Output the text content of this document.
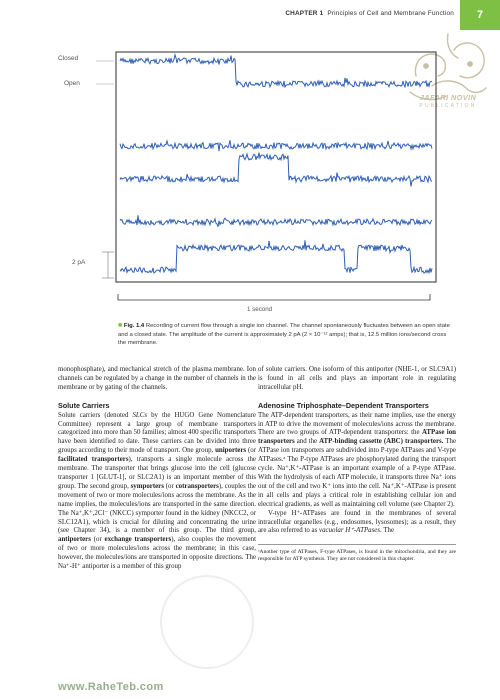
CHAPTER 1 Principles of Cell and Membrane Function	7
JAFARI NOVIN
PUBLICATION
Closed
Open
2 pA
1 second
■ Fig. 1.4 Recording of current flow through a single ion channel. The channel spontaneously fluctuates between an open state and a closed state. The amplitude of the current is approximately 2 pA (2 × 10⁻¹² amps); that is, 12.5 million ions/second cross the membrane.

monophosphate), and mechanical stretch of the plasma membrane. Ion channels can be regulated by a change in the number of channels in the membrane or by gating of the channels.

Solute Carriers

Solute carriers (denoted SLCs by the HUGO Gene Nomenclature Committee) represent a large group of membrane transporters categorized into more than 50 families; almost 400 specific transporters have been identified to date. These carriers can be divided into three groups according to their mode of transport. One group, uniporters (or facilitated transporters), transports a single molecule across the membrane. The transporter that brings glucose into the cell (glucose transporter 1 [GLUT-1], or SLC2A1) is an important member of this group. The second group, symporters (or cotransporters), couples the movement of two or more molecules/ions across the membrane. As the name implies, the molecules/ions are transported in the same direction. The Na⁺,K⁺,2Cl⁻ (NKCC) symporter found in the kidney (NKCC2, or SLC12A1), which is crucial for diluting and concentrating the urine (see Chapter 34), is a member of this group. The third group, antiporters (or exchange transporters), also couples the movement of two or more molecules/ions across the membrane; in this case, however, the molecules/ions are transported in opposite directions. The Na⁺-H⁺ antiporter is a member of this group

of solute carriers. One isoform of this antiporter (NHE-1, or SLC9A1) is found in all cells and plays an important role in regulating intracellular pH.

Adenosine Triphosphate–Dependent Transporters

The ATP-dependent transporters, as their name implies, use the energy in ATP to drive the movement of molecules/ions across the membrane. There are two groups of ATP-dependent transporters: the ATPase ion transporters and the ATP-binding cassette (ABC) transporters. The ATPase ion transporters are subdivided into P-type ATPases and V-type ATPases.ᵃ The P-type ATPases are phosphorylated during the transport cycle. Na⁺,K⁺-ATPase is an important example of a P-type ATPase. With the hydrolysis of each ATP molecule, it transports three Na⁺ ions out of the cell and two K⁺ ions into the cell. Na⁺,K⁺-ATPase is present in all cells and plays a critical role in establishing cellular ion and electrical gradients, as well as maintaining cell volume (see Chapter 2).

V-type H⁺-ATPases are found in the membranes of several intracellular organelles (e.g., endosomes, lysosomes); as a result, they are also referred to as vacuolar H⁺-ATPases. The

ᵃAnother type of ATPases, F-type ATPases, is found in the mitochondria, and they are responsible for ATP synthesis. They are not considered in this chapter.
www.RaheTeb.com
